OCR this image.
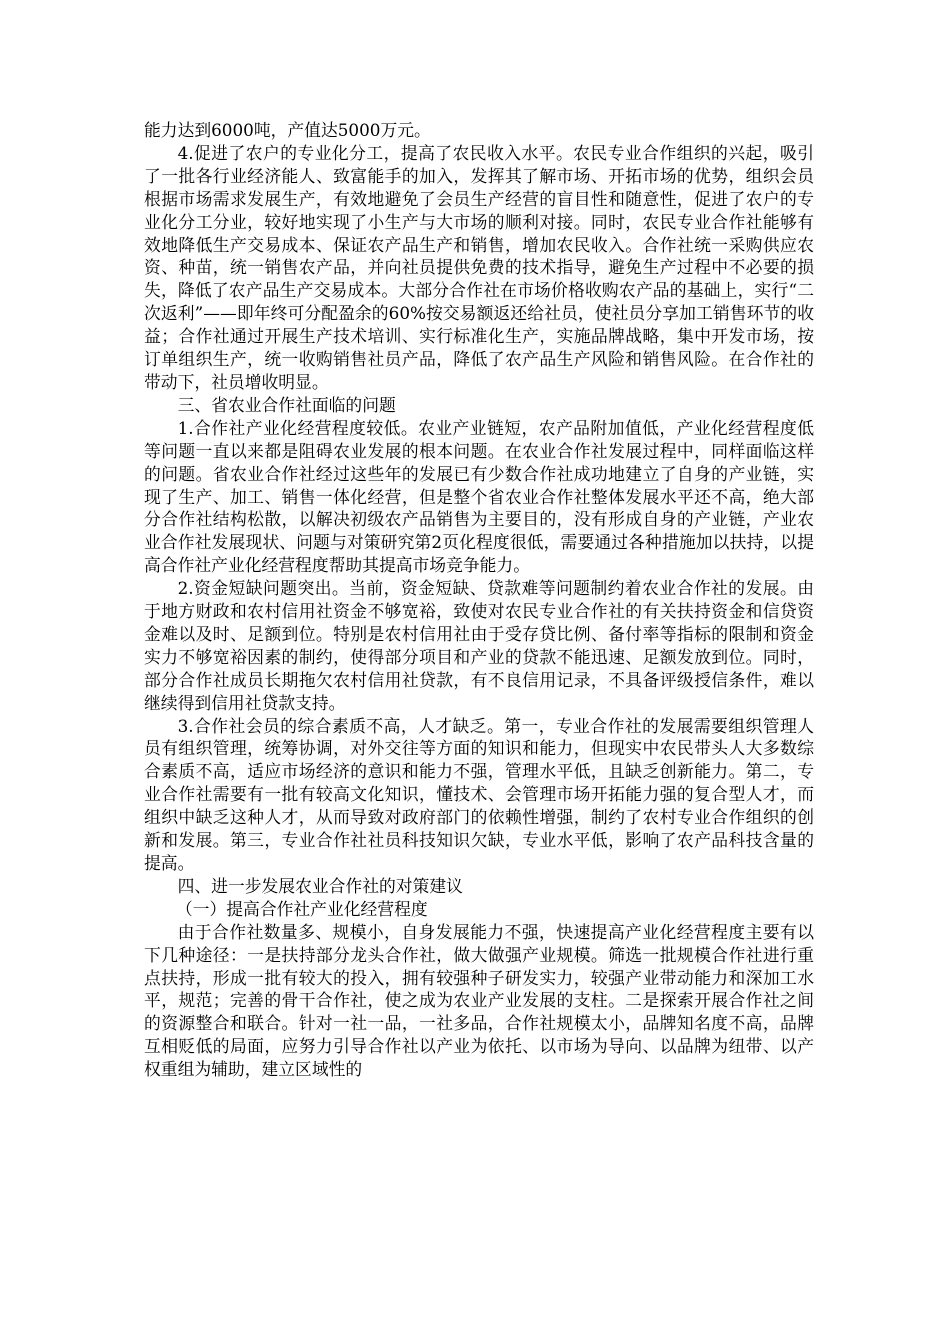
能力达到6000吨，产值达5000万元。

4.促进了农户的专业化分工，提高了农民收入水平。农民专业合作组织的兴起，吸引了一批各行业经济能人、致富能手的加入，发挥其了解市场、开拓市场的优势，组织会员根据市场需求发展生产，有效地避免了会员生产经营的盲目性和随意性，促进了农户的专业化分工分业，较好地实现了小生产与大市场的顺利对接。同时，农民专业合作社能够有效地降低生产交易成本、保证农产品生产和销售，增加农民收入。合作社统一采购供应农资、种苗，统一销售农产品，并向社员提供免费的技术指导，避免生产过程中不必要的损失，降低了农产品生产交易成本。大部分合作社在市场价格收购农产品的基础上，实行“二次返利”——即年终可分配盈余的60%按交易额返还给社员，使社员分享加工销售环节的收益；合作社通过开展生产技术培训、实行标准化生产，实施品牌战略，集中开发市场，按订单组织生产，统一收购销售社员产品，降低了农产品生产风险和销售风险。在合作社的带动下，社员增收明显。

三、省农业合作社面临的问题

1.合作社产业化经营程度较低。农业产业链短，农产品附加值低，产业化经营程度低等问题一直以来都是阻碍农业发展的根本问题。在农业合作社发展过程中，同样面临这样的问题。省农业合作社经过这些年的发展已有少数合作社成功地建立了自身的产业链，实现了生产、加工、销售一体化经营，但是整个省农业合作社整体发展水平还不高，绝大部分合作社结构松散，以解决初级农产品销售为主要目的，没有形成自身的产业链，产业农业合作社发展现状、问题与对策研究第2页化程度很低，需要通过各种措施加以扶持，以提高合作社产业化经营程度帮助其提高市场竞争能力。

2.资金短缺问题突出。当前，资金短缺、贷款难等问题制约着农业合作社的发展。由于地方财政和农村信用社资金不够宽裕，致使对农民专业合作社的有关扶持资金和信贷资金难以及时、足额到位。特别是农村信用社由于受存贷比例、备付率等指标的限制和资金实力不够宽裕因素的制约，使得部分项目和产业的贷款不能迅速、足额发放到位。同时，部分合作社成员长期拖欠农村信用社贷款，有不良信用记录，不具备评级授信条件，难以继续得到信用社贷款支持。

3.合作社会员的综合素质不高，人才缺乏。第一，专业合作社的发展需要组织管理人员有组织管理，统筹协调，对外交往等方面的知识和能力，但现实中农民带头人大多数综合素质不高，适应市场经济的意识和能力不强，管理水平低，且缺乏创新能力。第二，专业合作社需要有一批有较高文化知识，懂技术、会管理市场开拓能力强的复合型人才，而组织中缺乏这种人才，从而导致对政府部门的依赖性增强，制约了农村专业合作组织的创新和发展。第三，专业合作社社员科技知识欠缺，专业水平低，影响了农产品科技含量的提高。

四、进一步发展农业合作社的对策建议

（一）提高合作社产业化经营程度

由于合作社数量多、规模小，自身发展能力不强，快速提高产业化经营程度主要有以下几种途径：一是扶持部分龙头合作社，做大做强产业规模。筛选一批规模合作社进行重点扶持，形成一批有较大的投入，拥有较强种子研发实力，较强产业带动能力和深加工水平，规范；完善的骨干合作社，使之成为农业产业发展的支柱。二是探索开展合作社之间的资源整合和联合。针对一社一品，一社多品，合作社规模太小，品牌知名度不高，品牌互相贬低的局面，应努力引导合作社以产业为依托、以市场为导向、以品牌为纽带、以产权重组为辅助，建立区域性的
